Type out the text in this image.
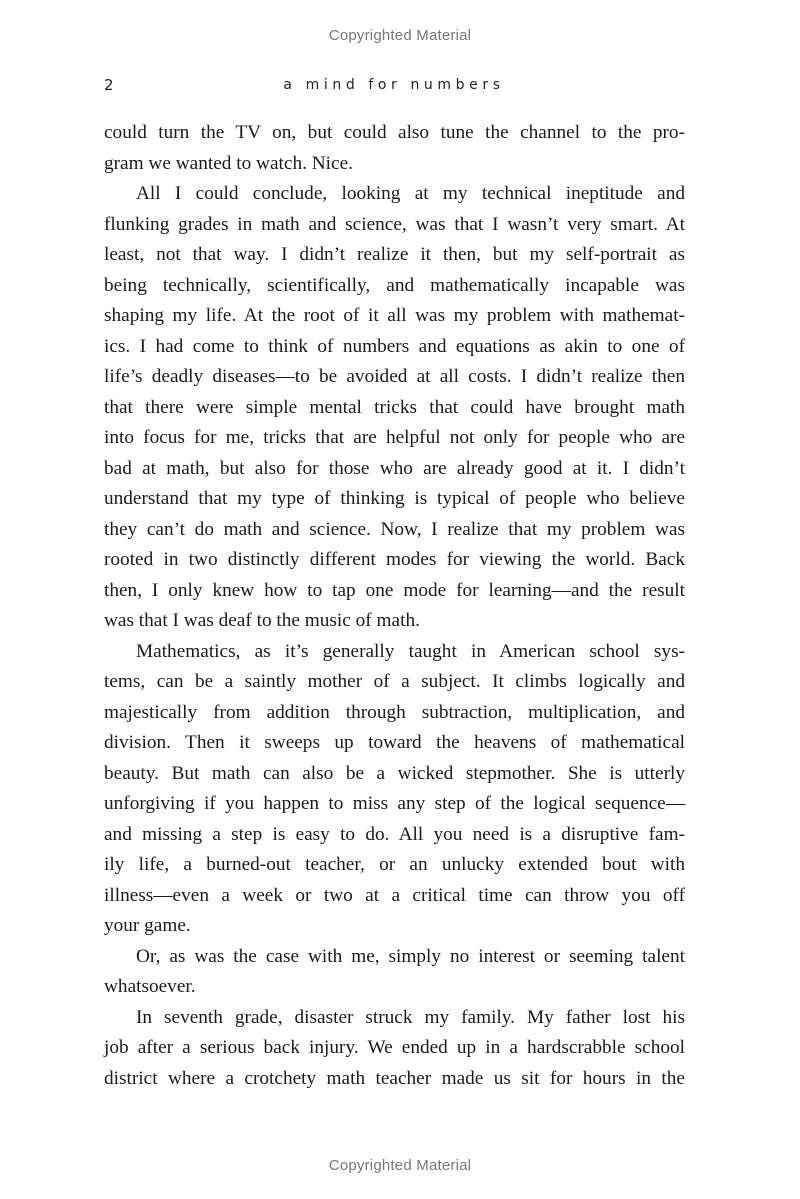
Copyrighted Material
2	a mind for numbers
could turn the TV on, but could also tune the channel to the pro-
gram we wanted to watch. Nice.
All I could conclude, looking at my technical ineptitude and
flunking grades in math and science, was that I wasn’t very smart. At
least, not that way. I didn’t realize it then, but my self-portrait as
being technically, scientifically, and mathematically incapable was
shaping my life. At the root of it all was my problem with mathemat-
ics. I had come to think of numbers and equations as akin to one of
life’s deadly diseases—to be avoided at all costs. I didn’t realize then
that there were simple mental tricks that could have brought math
into focus for me, tricks that are helpful not only for people who are
bad at math, but also for those who are already good at it. I didn’t
understand that my type of thinking is typical of people who believe
they can’t do math and science. Now, I realize that my problem was
rooted in two distinctly different modes for viewing the world. Back
then, I only knew how to tap one mode for learning—and the result
was that I was deaf to the music of math.
Mathematics, as it’s generally taught in American school sys-
tems, can be a saintly mother of a subject. It climbs logically and
majestically from addition through subtraction, multiplication, and
division. Then it sweeps up toward the heavens of mathematical
beauty. But math can also be a wicked stepmother. She is utterly
unforgiving if you happen to miss any step of the logical sequence—
and missing a step is easy to do. All you need is a disruptive fam-
ily life, a burned-out teacher, or an unlucky extended bout with
illness—even a week or two at a critical time can throw you off
your game.
Or, as was the case with me, simply no interest or seeming talent
whatsoever.
In seventh grade, disaster struck my family. My father lost his
job after a serious back injury. We ended up in a hardscrabble school
district where a crotchety math teacher made us sit for hours in the
Copyrighted Material
